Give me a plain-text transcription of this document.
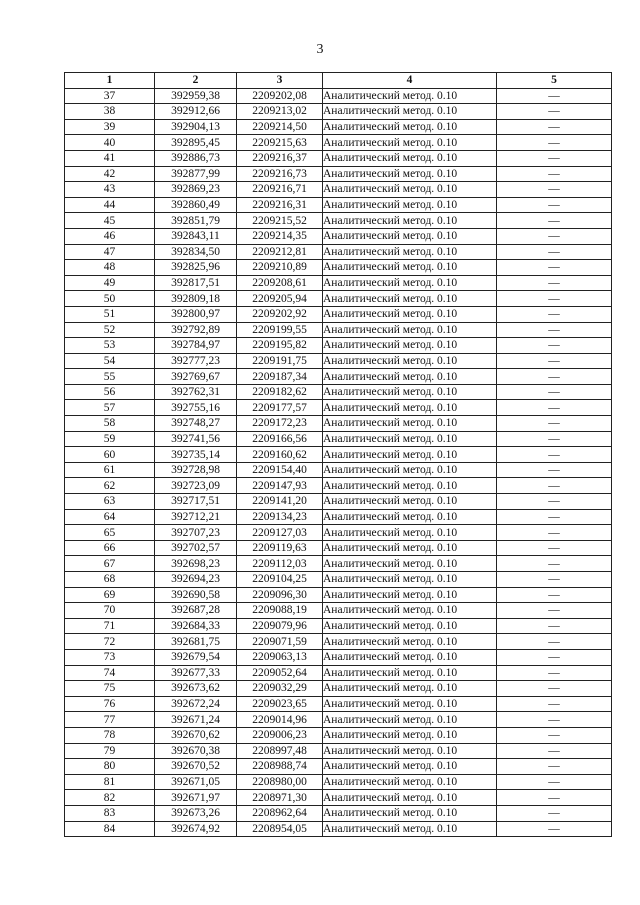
3
1	2	3	4	5
37	392959,38	2209202,08	Аналитический метод. 0.10	—
38	392912,66	2209213,02	Аналитический метод. 0.10	—
39	392904,13	2209214,50	Аналитический метод. 0.10	—
40	392895,45	2209215,63	Аналитический метод. 0.10	—
41	392886,73	2209216,37	Аналитический метод. 0.10	—
42	392877,99	2209216,73	Аналитический метод. 0.10	—
43	392869,23	2209216,71	Аналитический метод. 0.10	—
44	392860,49	2209216,31	Аналитический метод. 0.10	—
45	392851,79	2209215,52	Аналитический метод. 0.10	—
46	392843,11	2209214,35	Аналитический метод. 0.10	—
47	392834,50	2209212,81	Аналитический метод. 0.10	—
48	392825,96	2209210,89	Аналитический метод. 0.10	—
49	392817,51	2209208,61	Аналитический метод. 0.10	—
50	392809,18	2209205,94	Аналитический метод. 0.10	—
51	392800,97	2209202,92	Аналитический метод. 0.10	—
52	392792,89	2209199,55	Аналитический метод. 0.10	—
53	392784,97	2209195,82	Аналитический метод. 0.10	—
54	392777,23	2209191,75	Аналитический метод. 0.10	—
55	392769,67	2209187,34	Аналитический метод. 0.10	—
56	392762,31	2209182,62	Аналитический метод. 0.10	—
57	392755,16	2209177,57	Аналитический метод. 0.10	—
58	392748,27	2209172,23	Аналитический метод. 0.10	—
59	392741,56	2209166,56	Аналитический метод. 0.10	—
60	392735,14	2209160,62	Аналитический метод. 0.10	—
61	392728,98	2209154,40	Аналитический метод. 0.10	—
62	392723,09	2209147,93	Аналитический метод. 0.10	—
63	392717,51	2209141,20	Аналитический метод. 0.10	—
64	392712,21	2209134,23	Аналитический метод. 0.10	—
65	392707,23	2209127,03	Аналитический метод. 0.10	—
66	392702,57	2209119,63	Аналитический метод. 0.10	—
67	392698,23	2209112,03	Аналитический метод. 0.10	—
68	392694,23	2209104,25	Аналитический метод. 0.10	—
69	392690,58	2209096,30	Аналитический метод. 0.10	—
70	392687,28	2209088,19	Аналитический метод. 0.10	—
71	392684,33	2209079,96	Аналитический метод. 0.10	—
72	392681,75	2209071,59	Аналитический метод. 0.10	—
73	392679,54	2209063,13	Аналитический метод. 0.10	—
74	392677,33	2209052,64	Аналитический метод. 0.10	—
75	392673,62	2209032,29	Аналитический метод. 0.10	—
76	392672,24	2209023,65	Аналитический метод. 0.10	—
77	392671,24	2209014,96	Аналитический метод. 0.10	—
78	392670,62	2209006,23	Аналитический метод. 0.10	—
79	392670,38	2208997,48	Аналитический метод. 0.10	—
80	392670,52	2208988,74	Аналитический метод. 0.10	—
81	392671,05	2208980,00	Аналитический метод. 0.10	—
82	392671,97	2208971,30	Аналитический метод. 0.10	—
83	392673,26	2208962,64	Аналитический метод. 0.10	—
84	392674,92	2208954,05	Аналитический метод. 0.10	—
